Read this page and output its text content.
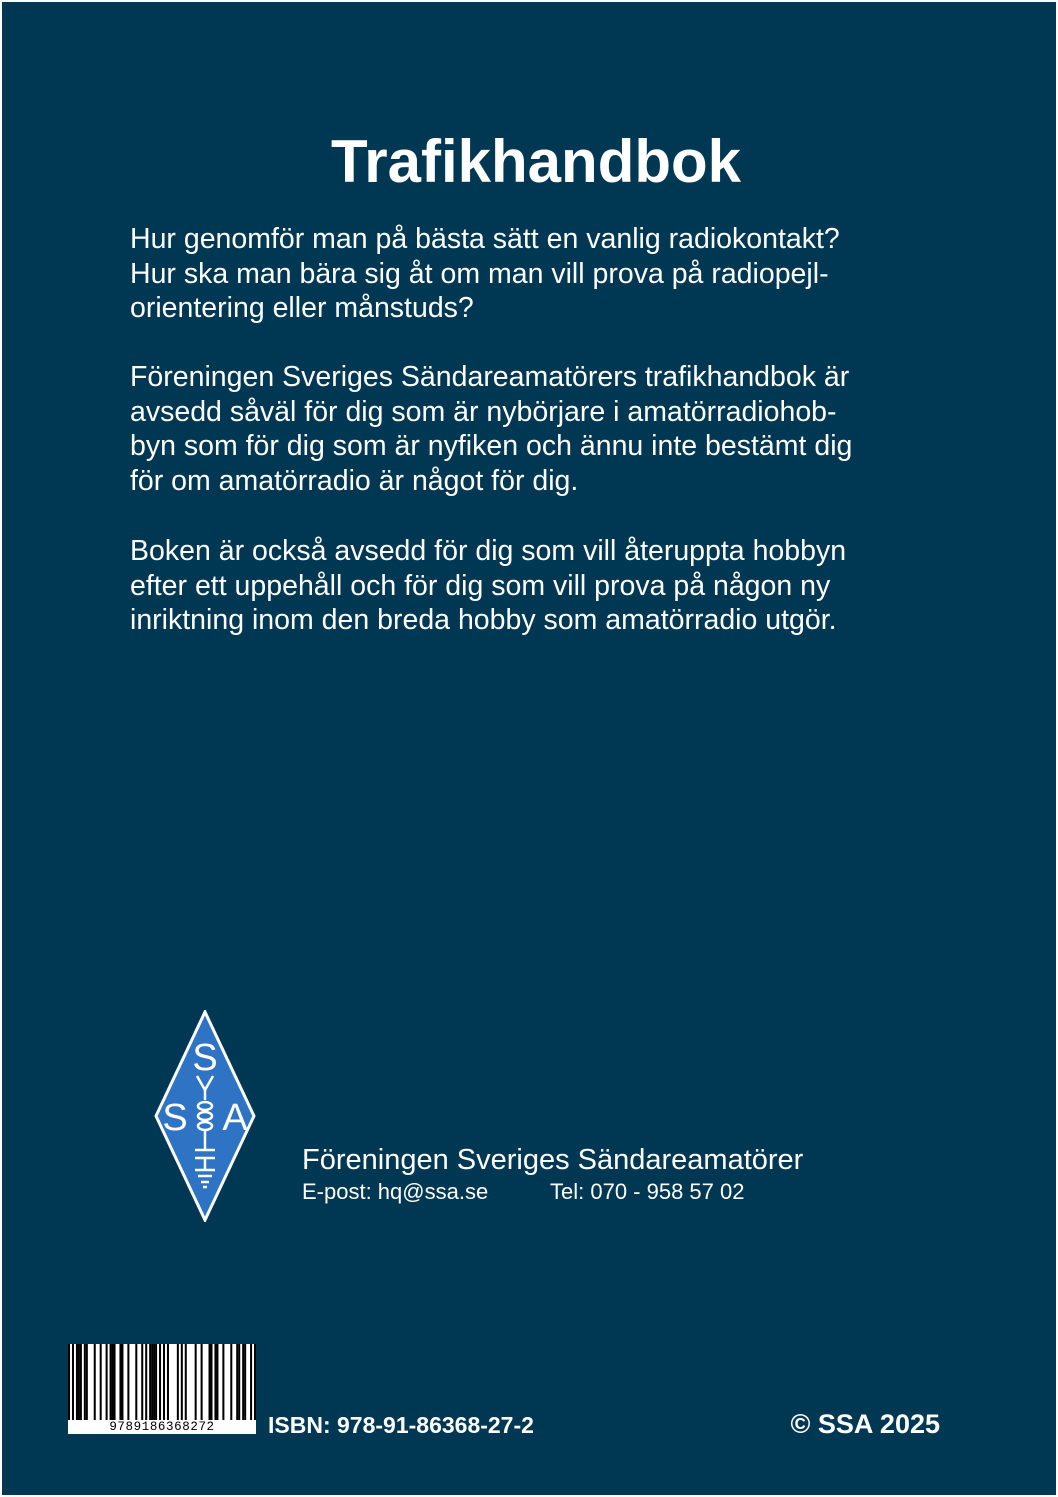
Trafikhandbok

Hur genomför man på bästa sätt en vanlig radiokontakt?
Hur ska man bära sig åt om man vill prova på radiopejl-
orientering eller månstuds?

Föreningen Sveriges Sändareamatörers trafikhandbok är
avsedd såväl för dig som är nybörjare i amatörradiohob-
byn som för dig som är nyfiken och ännu inte bestämt dig
för om amatörradio är något för dig.

Boken är också avsedd för dig som vill återuppta hobbyn
efter ett uppehåll och för dig som vill prova på någon ny
inriktning inom den breda hobby som amatörradio utgör.

S
S A
Föreningen Sveriges Sändareamatörer
E-post: hq@ssa.se	Tel: 070 - 958 57 02
9789186368272	ISBN: 978-91-86368-27-2	© SSA 2025
